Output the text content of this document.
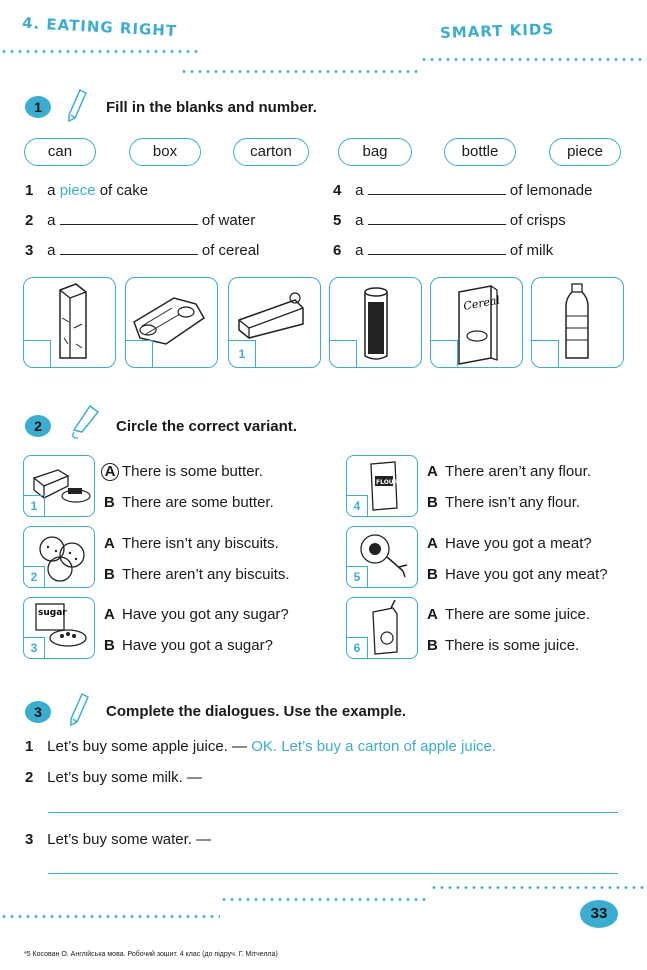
4. EATING RIGHT	SMART KIDS
1	Fill in the blanks and number.
can	box	carton	bag	bottle	piece
1 a piece of cake
2 a	of water
3 a	of cereal
4 a	of lemonade
5 a	of crisps
6 a	of milk
1
Cereal
2	Circle the correct variant.
1
A There is some butter.
B There are some butter.
2
A There isn’t any biscuits.
B There aren’t any biscuits.
sugar
3
A Have you got any sugar?
B Have you got a sugar?
FLOUR
4
A There aren’t any flour.
B There isn’t any flour.
5
A Have you got a meat?
B Have you got any meat?
6
A There are some juice.
B There is some juice.
3	Complete the dialogues. Use the example.
1 Let’s buy some apple juice. — OK. Let’s buy a carton of apple juice.
2 Let’s buy some milk. —
3 Let’s buy some water. —
33
*5 Косован О. Англійська мова. Робочий зошит. 4 клас (до підруч. Г. Мітчелла)
